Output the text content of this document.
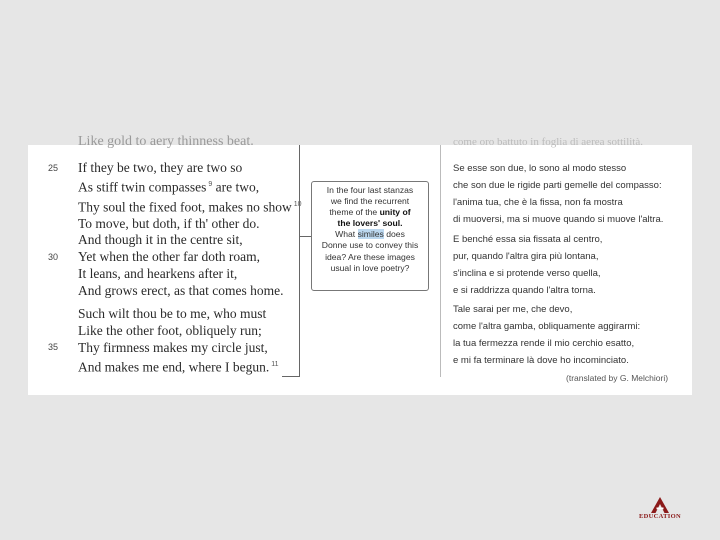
Like gold to aery thinness beat.	come oro battuto in foglia di aerea sottilità.
25 If they be two, they are two so
As stiff twin compasses $^9$ are two,
Thy soul the fixed foot, makes no show $^{10}$
To move, but doth, if th' other do.
30
And though it in the centre sit,
Yet when the other far doth roam,
It leans, and hearkens after it,
And grows erect, as that comes home.
35
Such wilt thou be to me, who must
Like the other foot, obliquely run;
Thy firmness makes my circle just,
And makes me end, where I begun. $^{11}$
In the four last stanzas
we find the recurrent
theme of the unity of
the lovers' soul.
What similes does
Donne use to convey this
idea? Are these images
usual in love poetry?
Se esse son due, lo sono al modo stesso
che son due le rigide parti gemelle del compasso:
l'anima tua, che è la fissa, non fa mostra
di muoversi, ma si muove quando si muove l'altra.
E benché essa sia fissata al centro,
pur, quando l'altra gira più lontana,
s'inclina e si protende verso quella,
e si raddrizza quando l'altra torna.
Tale sarai per me, che devo,
come l'altra gamba, obliquamente aggirarmi:
la tua fermezza rende il mio cerchio esatto,
e mi fa terminare là dove ho incominciato.
(translated by G. Melchiori)
EDUCATION
